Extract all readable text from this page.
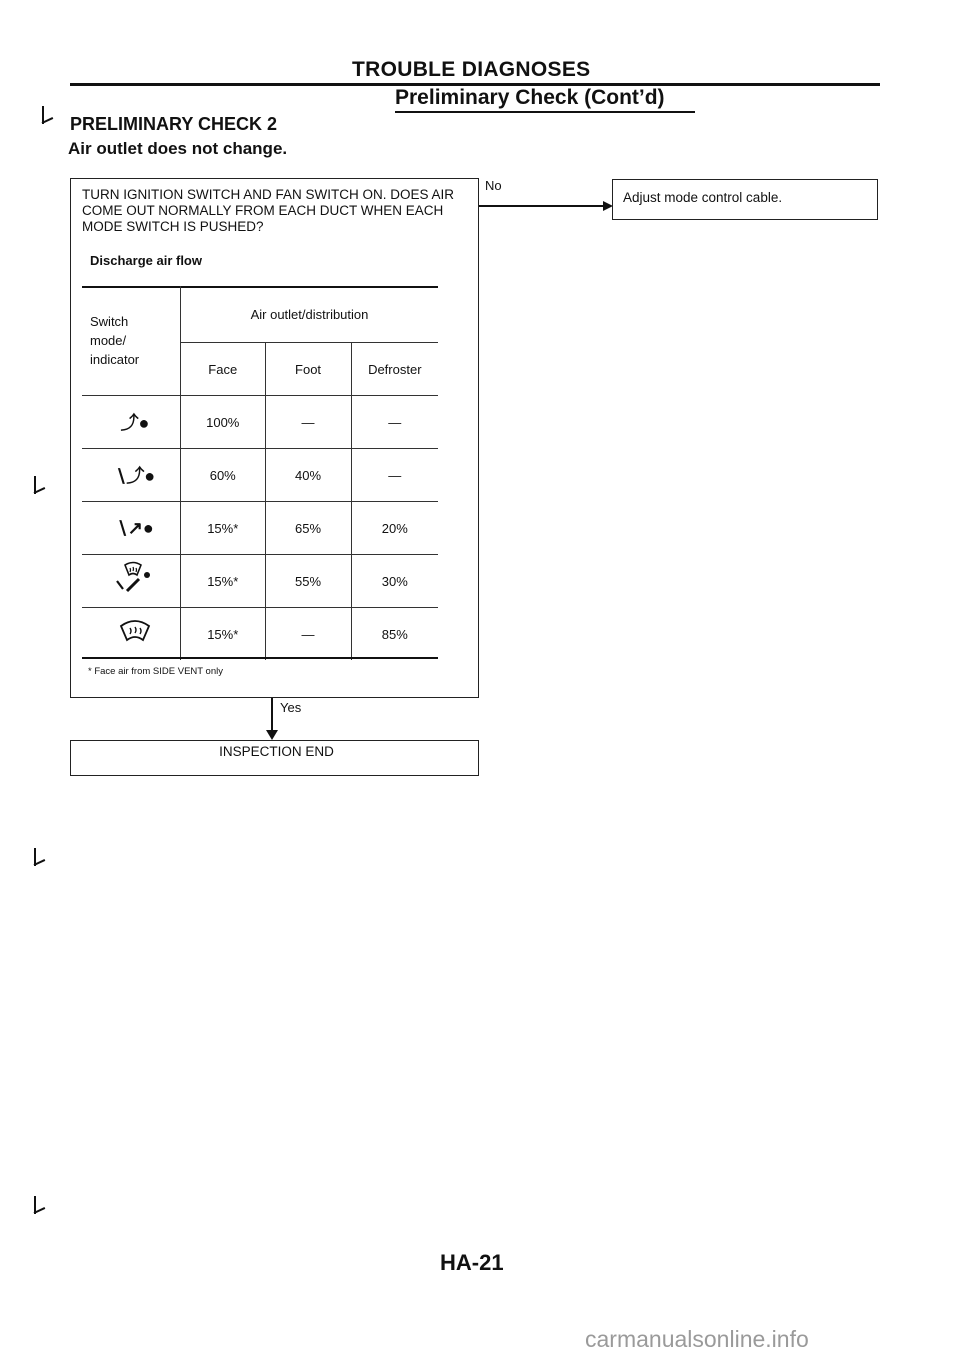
TROUBLE DIAGNOSES
Preliminary Check (Cont’d)
PRELIMINARY CHECK 2
Air outlet does not change.
TURN IGNITION SWITCH AND FAN SWITCH ON. DOES AIR COME OUT NORMALLY FROM EACH DUCT WHEN EACH MODE SWITCH IS PUSHED?
Discharge air flow
Switch
mode/
indicator	Air outlet/distribution		
	Face	Foot	Defroster
⤴●	100%	—	—
∖⤴●	60%	40%	—
∖↗●	15%*	65%	20%
	15%*	55%	30%
	15%*	—	85%
* Face air from SIDE VENT only
No
Adjust mode control cable.
Yes
INSPECTION END
HA-21
carmanualsonline.info
